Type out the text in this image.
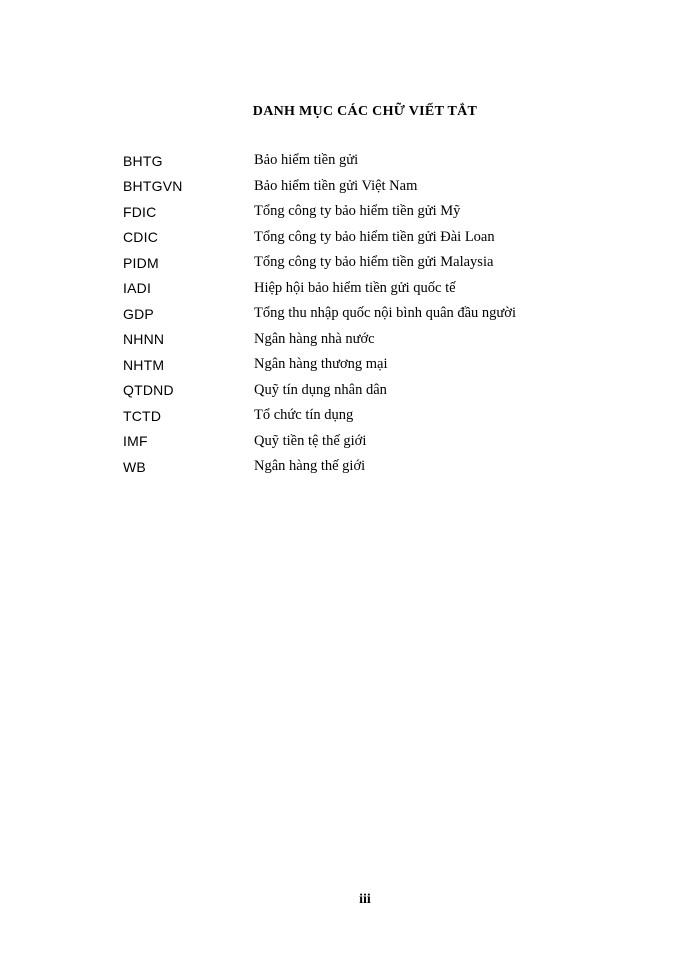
DANH MỤC CÁC CHỮ VIẾT TẮT
BHTG	Bảo hiểm tiền gửi
BHTGVN	Bảo hiểm tiền gửi Việt Nam
FDIC	Tổng công ty bảo hiểm tiền gửi Mỹ
CDIC	Tổng công ty bảo hiểm tiền gửi Đài Loan
PIDM	Tổng công ty bảo hiểm tiền gửi Malaysia
IADI	Hiệp hội bảo hiểm tiền gửi quốc tế
GDP	Tổng thu nhập quốc nội bình quân đầu người
NHNN	Ngân hàng nhà nước
NHTM	Ngân hàng thương mại
QTDND	Quỹ tín dụng nhân dân
TCTD	Tổ chức tín dụng
IMF	Quỹ tiền tệ thế giới
WB	Ngân hàng thế giới
iii
